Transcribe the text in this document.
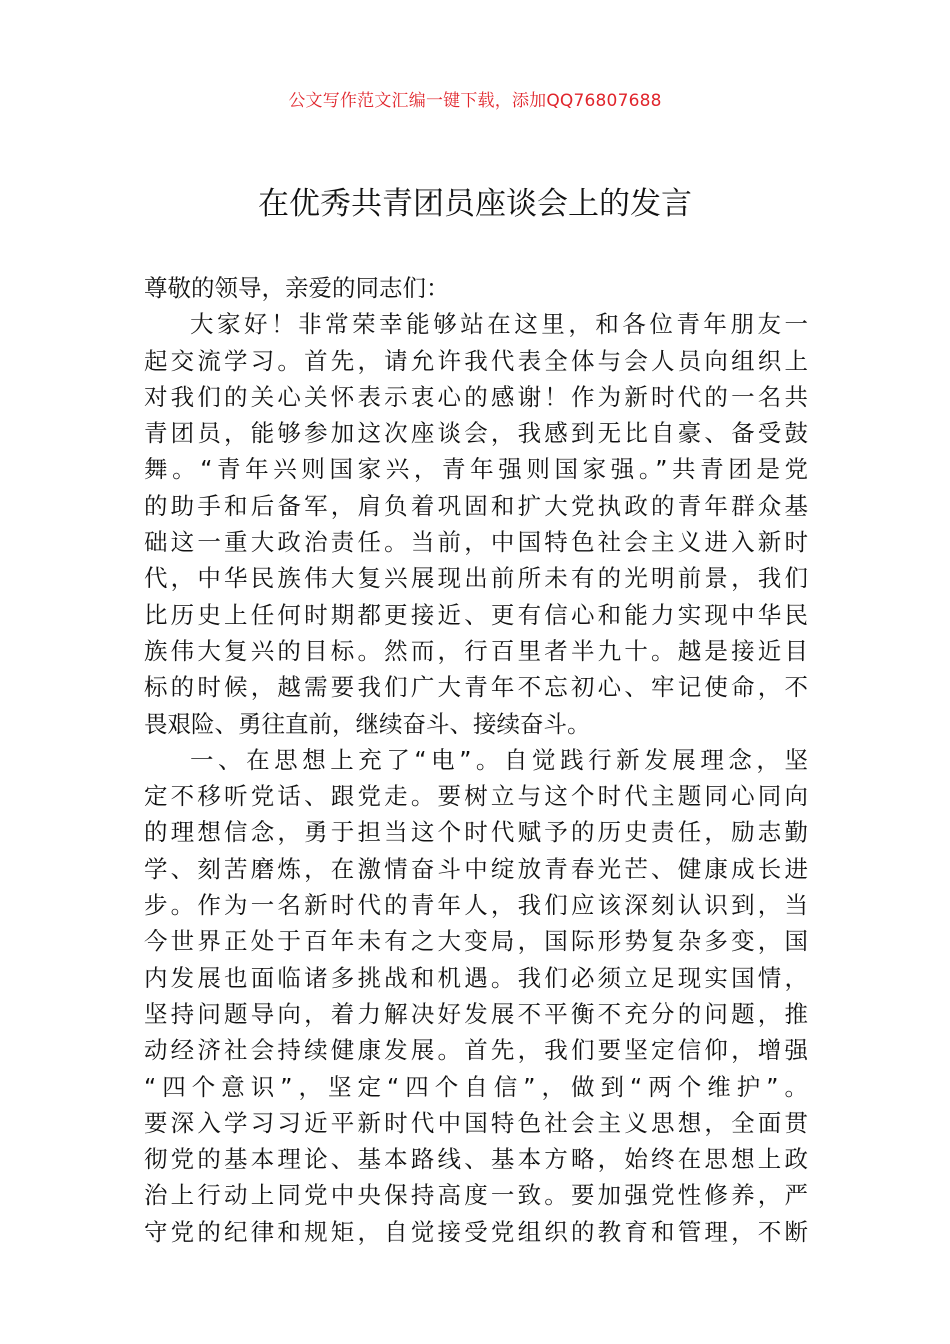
公文写作范文汇编一键下载，添加QQ76807688
在优秀共青团员座谈会上的发言
尊敬的领导，亲爱的同志们：
大家好！非常荣幸能够站在这里，和各位青年朋友一
起交流学习。首先，请允许我代表全体与会人员向组织上
对我们的关心关怀表示衷心的感谢！作为新时代的一名共
青团员，能够参加这次座谈会，我感到无比自豪、备受鼓
舞。“青年兴则国家兴，青年强则国家强。”共青团是党
的助手和后备军，肩负着巩固和扩大党执政的青年群众基
础这一重大政治责任。当前，中国特色社会主义进入新时
代，中华民族伟大复兴展现出前所未有的光明前景，我们
比历史上任何时期都更接近、更有信心和能力实现中华民
族伟大复兴的目标。然而，行百里者半九十。越是接近目
标的时候，越需要我们广大青年不忘初心、牢记使命，不
畏艰险、勇往直前，继续奋斗、接续奋斗。
一、在思想上充了“电”。自觉践行新发展理念，坚
定不移听党话、跟党走。要树立与这个时代主题同心同向
的理想信念，勇于担当这个时代赋予的历史责任，励志勤
学、刻苦磨炼，在激情奋斗中绽放青春光芒、健康成长进
步。作为一名新时代的青年人，我们应该深刻认识到，当
今世界正处于百年未有之大变局，国际形势复杂多变，国
内发展也面临诸多挑战和机遇。我们必须立足现实国情，
坚持问题导向，着力解决好发展不平衡不充分的问题，推
动经济社会持续健康发展。首先，我们要坚定信仰，增强
“四个意识”，坚定“四个自信”，做到“两个维护”。
要深入学习习近平新时代中国特色社会主义思想，全面贯
彻党的基本理论、基本路线、基本方略，始终在思想上政
治上行动上同党中央保持高度一致。要加强党性修养，严
守党的纪律和规矩，自觉接受党组织的教育和管理，不断
